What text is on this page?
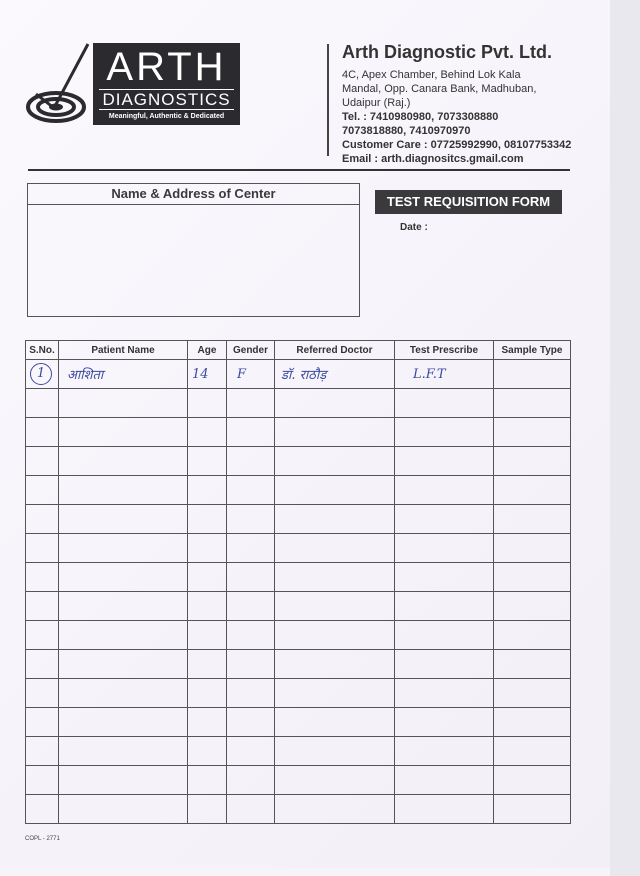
ARTH
DIAGNOSTICS
Meaningful, Authentic & Dedicated
Arth Diagnostic Pvt. Ltd.
4C, Apex Chamber, Behind Lok Kala
Mandal, Opp. Canara Bank, Madhuban,
Udaipur (Raj.)
Tel. : 7410980980, 7073308880
7073818880, 7410970970
Customer Care : 07725992990, 08107753342
Email : arth.diagnositcs.gmail.com
Name & Address of Center
TEST REQUISITION FORM
Date :
S.No.	Patient Name	Age	Gender	Referred Doctor	Test Prescribe	Sample Type
1	आशिता	14	F	डॉ. राठौड़	L.F.T	

COPL - 2771
